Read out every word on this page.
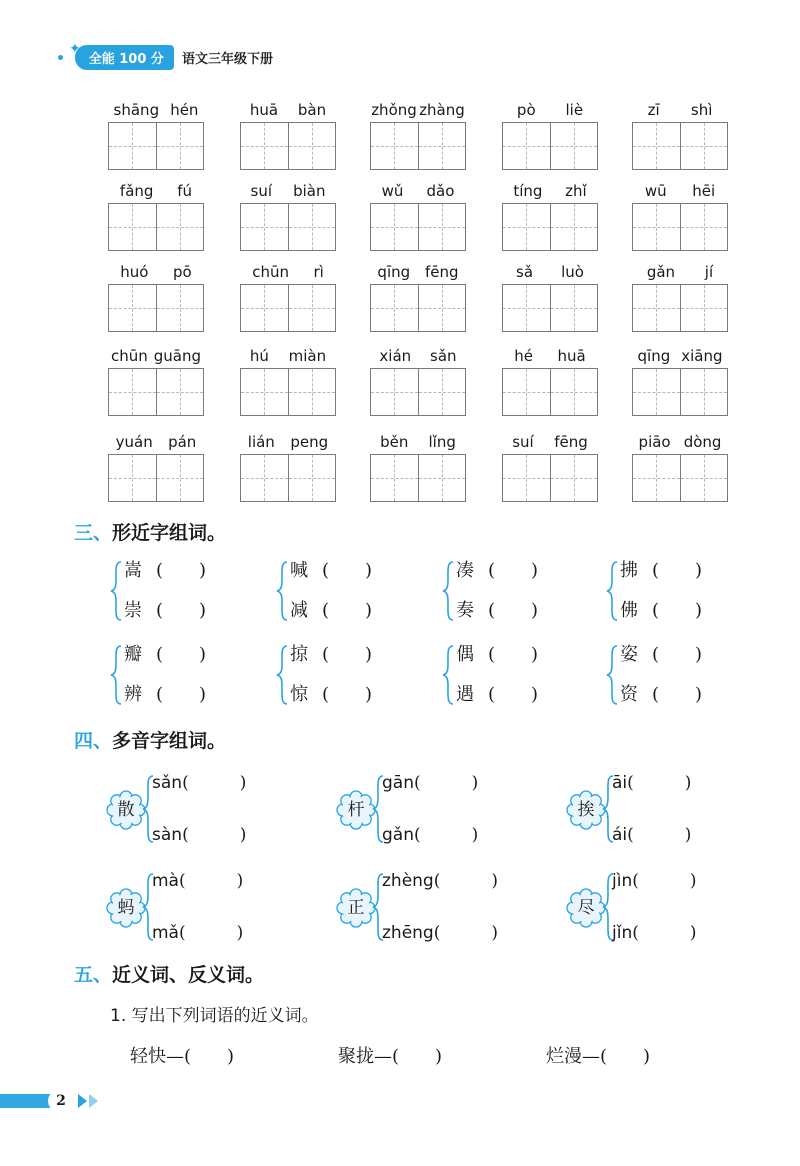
✦
全能 100 分	语文三年级下册
shāng hén	huā bàn	zhǒng zhàng	pò liè	zī shì
fǎng fú	suí biàn	wǔ dǎo	tíng zhǐ	wū hēi
huó pō	chūn rì	qīng fēng	sǎ luò	gǎn jí
chūn guāng	hú miàn	xián sǎn	hé huā	qīng xiāng
yuán pán	lián peng	běn lǐng	suí fēng	piāo dòng
三、形近字组词。
嵩 (　　)
崇 (　　)
喊 (　　)
减 (　　)
凑 (　　)
奏 (　　)
拂 (　　)
佛 (　　)
瓣 (　　)
辨 (　　)
掠 (　　)
惊 (　　)
偶 (　　)
遇 (　　)
姿 (　　)
资 (　　)
四、多音字组词。
散
sǎn(　　　)
sàn(　　　)
杆
gān(　　　)
gǎn(　　　)
挨
āi(　　　)
ái(　　　)
蚂
mà(　　　)
mǎ(　　　)
正
zhèng(　　　)
zhēng(　　　)
尽
jìn(　　　)
jǐn(　　　)
五、近义词、反义词。
1. 写出下列词语的近义词。
轻快—(　　)	聚拢—(　　)	烂漫—(　　)
2
